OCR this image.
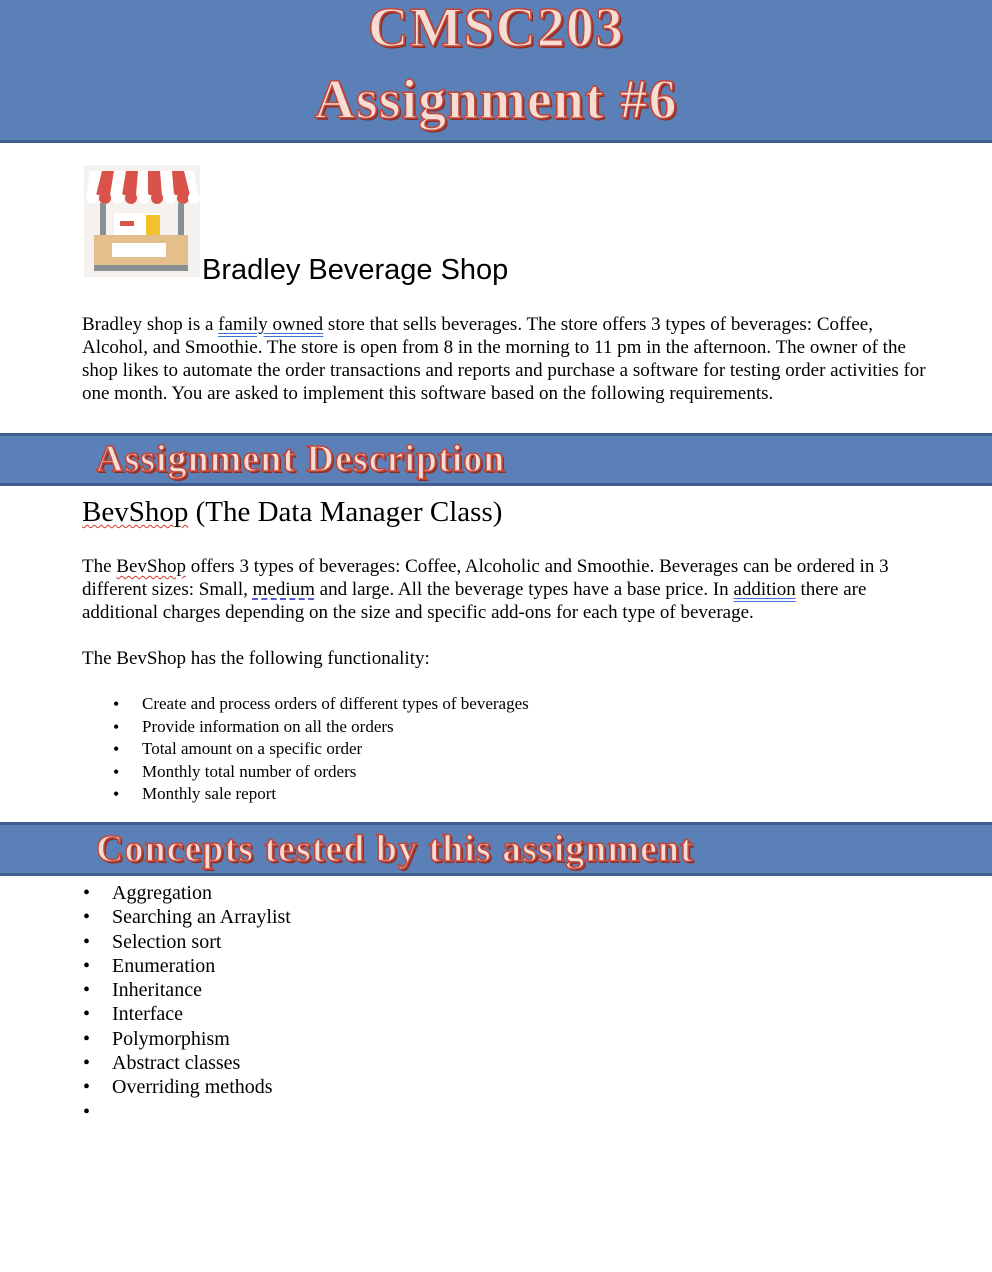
CMSC203
Assignment #6
Bradley Beverage Shop

Bradley shop is a family owned store that sells beverages. The store offers 3 types of beverages: Coffee, Alcohol, and Smoothie. The store is open from 8 in the morning to 11 pm in the afternoon. The owner of the shop likes to automate the order transactions and reports and purchase a software for testing order activities for one month. You are asked to implement this software based on the following requirements.

Assignment Description
BevShop (The Data Manager Class)

The BevShop offers 3 types of beverages: Coffee, Alcoholic and Smoothie. Beverages can be ordered in 3 different sizes: Small, medium and large. All the beverage types have a base price. In addition there are additional charges depending on the size and specific add-ons for each type of beverage.

The BevShop has the following functionality:

• Create and process orders of different types of beverages
• Provide information on all the orders
• Total amount on a specific order
• Monthly total number of orders
• Monthly sale report
Concepts tested by this assignment
• Aggregation
• Searching an Arraylist
• Selection sort
• Enumeration
• Inheritance
• Interface
• Polymorphism
• Abstract classes
• Overriding methods
•
